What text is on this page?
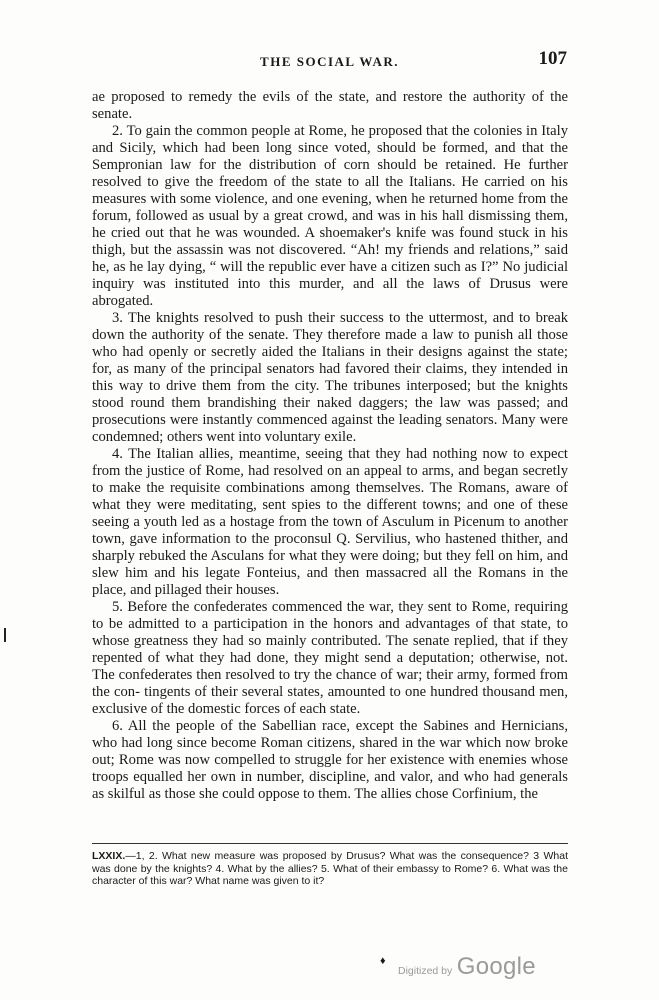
THE SOCIAL WAR.	107

ae proposed to remedy the evils of the state, and restore the authority of the senate.

2. To gain the common people at Rome, he proposed that the colonies in Italy and Sicily, which had been long since voted, should be formed, and that the Sempronian law for the distribution of corn should be retained. He further resolved to give the freedom of the state to all the Italians. He carried on his measures with some violence, and one evening, when he returned home from the forum, followed as usual by a great crowd, and was in his hall dismissing them, he cried out that he was wounded. A shoemaker's knife was found stuck in his thigh, but the assassin was not discovered. “Ah! my friends and relations,” said he, as he lay dying, “ will the republic ever have a citizen such as I?” No judicial inquiry was instituted into this murder, and all the laws of Drusus were abrogated.

3. The knights resolved to push their success to the uttermost, and to break down the authority of the senate. They therefore made a law to punish all those who had openly or secretly aided the Italians in their designs against the state; for, as many of the principal senators had favored their claims, they intended in this way to drive them from the city. The tribunes interposed; but the knights stood round them brandishing their naked daggers; the law was passed; and prosecutions were instantly commenced against the leading senators. Many were condemned; others went into voluntary exile.

4. The Italian allies, meantime, seeing that they had nothing now to expect from the justice of Rome, had resolved on an appeal to arms, and began secretly to make the requisite combinations among themselves. The Romans, aware of what they were meditating, sent spies to the different towns; and one of these seeing a youth led as a hostage from the town of Asculum in Picenum to another town, gave information to the proconsul Q. Servilius, who hastened thither, and sharply rebuked the Asculans for what they were doing; but they fell on him, and slew him and his legate Fonteius, and then massacred all the Romans in the place, and pillaged their houses.

5. Before the confederates commenced the war, they sent to Rome, requiring to be admitted to a participation in the honors and advantages of that state, to whose greatness they had so mainly contributed. The senate replied, that if they repented of what they had done, they might send a deputation; otherwise, not. The confederates then resolved to try the chance of war; their army, formed from the con- tingents of their several states, amounted to one hundred thousand men, exclusive of the domestic forces of each state.

6. All the people of the Sabellian race, except the Sabines and Hernicians, who had long since become Roman citizens, shared in the war which now broke out; Rome was now compelled to struggle for her existence with enemies whose troops equalled her own in number, discipline, and valor, and who had generals as skilful as those she could oppose to them. The allies chose Corfinium, the

LXXIX.—1, 2. What new measure was proposed by Drusus? What was the consequence? 3 What was done by the knights? 4. What by the allies? 5. What of their embassy to Rome? 6. What was the character of this war? What name was given to it?
♦
Digitized by Google
